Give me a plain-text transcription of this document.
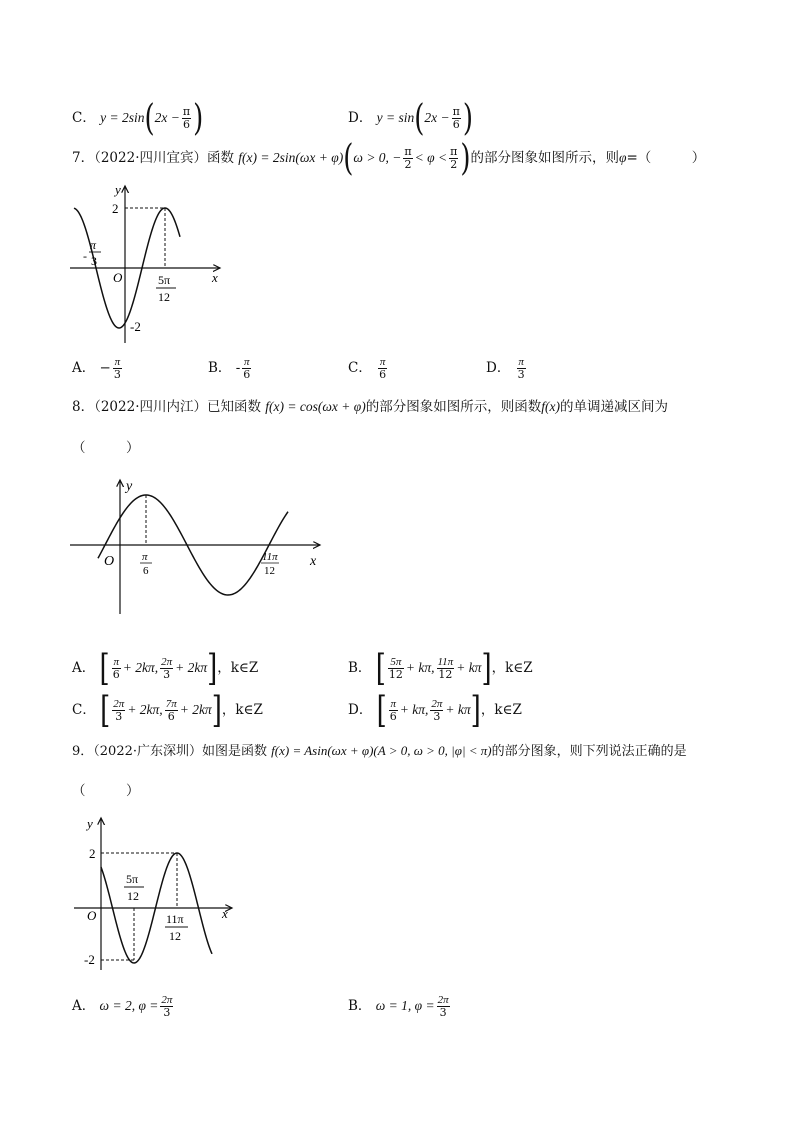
C． $y = 2\sin(2x - \frac{\pi}{6}$ )	D． $y = \sin(2x - \frac{\pi}{6}$ )
7．（2022·四川宜宾）函数 f(x) = 2sin(ωx + φ)(ω > 0, − $\frac{\pi}{2} < \varphi < \frac{\pi}{2}$ )的部分图象如图所示，则φ=（　　　）
y
x
O
2
-2
-
π
3
5π
12
A． − $\frac{\pi}{3}$	B． - $\frac{\pi}{6}$	C． $\frac{\pi}{6}$	D． $\frac{\pi}{3}$
8．（2022·四川内江）已知函数 f(x) = cos(ωx + φ)的部分图象如图所示，则函数f(x)的单调递减区间为
（　　　）
y
x
O	π
6
11π
12
A． [ $\frac{\pi}{6} + 2k\pi$, $\frac{2\pi}{3} + 2k\pi$]，k∈Z	B． [ $\frac{5\pi}{12} + k\pi$, $\frac{11\pi}{12} + k\pi$]，k∈Z
C． [ $\frac{2\pi}{3} + 2k\pi$, $\frac{7\pi}{6} + 2k\pi$]，k∈Z	D． [ $\frac{\pi}{6} + k\pi$, $\frac{2\pi}{3} + k\pi$]，k∈Z
9．（2022·广东深圳）如图是函数 f(x) = Asin(ωx + φ)(A > 0, ω > 0, |φ| < π)的部分图象，则下列说法正确的是
（　　　）
y
x
O
2
-2
5π
12
11π
12
A． ω = 2, $\varphi = \frac{2\pi}{3}$	B． ω = 1, $\varphi = \frac{2\pi}{3}$
